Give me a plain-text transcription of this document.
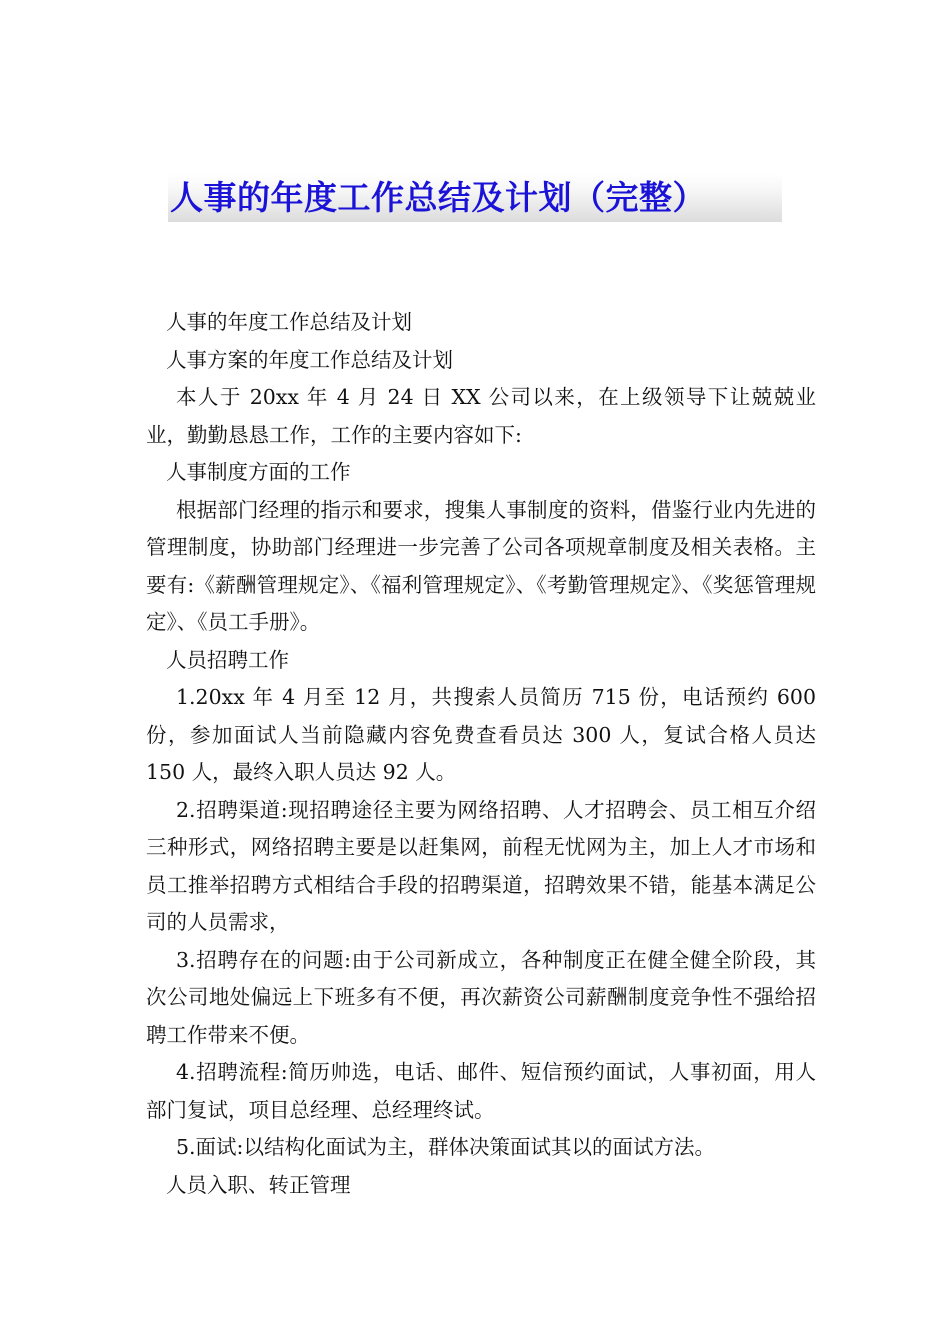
人事的年度工作总结及计划（完整）

人事的年度工作总结及计划

人事方案的年度工作总结及计划

本人于 20xx 年 4 月 24 日 XX 公司以来，在上级领导下让兢兢业业，勤勤恳恳工作，工作的主要内容如下:

人事制度方面的工作

根据部门经理的指示和要求，搜集人事制度的资料，借鉴行业内先进的管理制度，协助部门经理进一步完善了公司各项规章制度及相关表格。主要有:《薪酬管理规定》、《福利管理规定》、《考勤管理规定》、《奖惩管理规定》、《员工手册》。

人员招聘工作

1.20xx 年 4 月至 12 月，共搜索人员简历 715 份，电话预约 600 份，参加面试人当前隐藏内容免费查看员达 300 人，复试合格人员达 150 人，最终入职人员达 92 人。

2.招聘渠道:现招聘途径主要为网络招聘、人才招聘会、员工相互介绍三种形式，网络招聘主要是以赶集网，前程无忧网为主，加上人才市场和员工推举招聘方式相结合手段的招聘渠道，招聘效果不错，能基本满足公司的人员需求，

3.招聘存在的问题:由于公司新成立，各种制度正在健全健全阶段，其次公司地处偏远上下班多有不便，再次薪资公司薪酬制度竞争性不强给招聘工作带来不便。

4.招聘流程:简历帅选，电话、邮件、短信预约面试，人事初面，用人部门复试，项目总经理、总经理终试。

5.面试:以结构化面试为主，群体决策面试其以的面试方法。

人员入职、转正管理
